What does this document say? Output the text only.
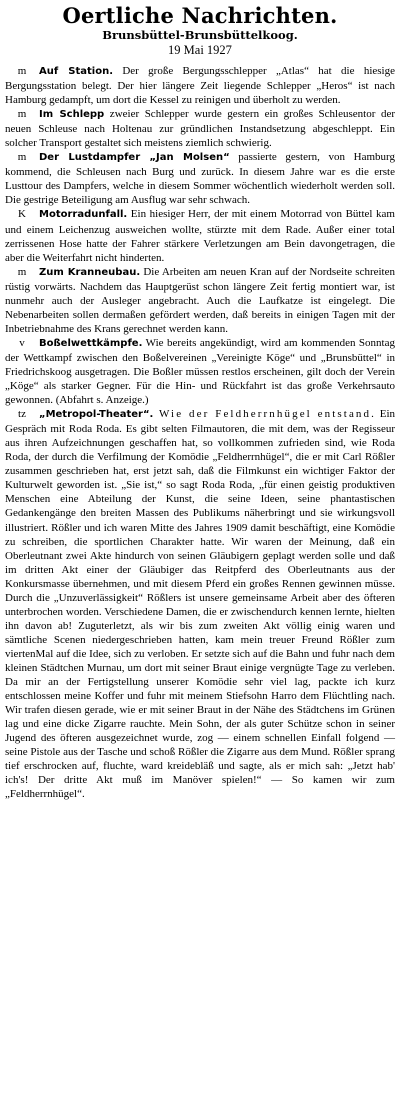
Oertliche Nachrichten.
Brunsbüttel-Brunsbüttelkoog.
19 Mai 1927

m Auf Station. Der große Bergungsschlepper „Atlas“ hat die hiesige Bergungsstation belegt. Der hier längere Zeit liegende Schlepper „Heros“ ist nach Hamburg gedampft, um dort die Kessel zu reinigen und überholt zu werden.

m Im Schlepp zweier Schlepper wurde gestern ein großes Schleusentor der neuen Schleuse nach Holtenau zur gründlichen Instandsetzung abgeschleppt. Ein solcher Transport gestaltet sich meistens ziemlich schwierig.

m Der Lustdampfer „Jan Molsen“ passierte gestern, von Hamburg kommend, die Schleusen nach Burg und zurück. In diesem Jahre war es die erste Lusttour des Dampfers, welche in diesem Sommer wöchentlich wiederholt werden soll. Die gestrige Beteiligung am Ausflug war sehr schwach.

K Motorradunfall. Ein hiesiger Herr, der mit einem Motorrad von Büttel kam und einem Leichenzug ausweichen wollte, stürzte mit dem Rade. Außer einer total zerrissenen Hose hatte der Fahrer stärkere Verletzungen am Bein davongetragen, die aber die Weiterfahrt nicht hinderten.

m Zum Kranneubau. Die Arbeiten am neuen Kran auf der Nordseite schreiten rüstig vorwärts. Nachdem das Hauptgerüst schon längere Zeit fertig montiert war, ist nunmehr auch der Ausleger angebracht. Auch die Laufkatze ist eingelegt. Die Nebenarbeiten sollen dermaßen gefördert werden, daß bereits in einigen Tagen mit der Inbetriebnahme des Krans gerechnet werden kann.

v Boßelwettkämpfe. Wie bereits angekündigt, wird am kommenden Sonntag der Wettkampf zwischen den Boßelvereinen „Vereinigte Köge“ und „Brunsbüttel“ in Friedrichskoog ausgetragen. Die Boßler müssen restlos erscheinen, gilt doch der Verein „Köge“ als starker Gegner. Für die Hin- und Rückfahrt ist das große Verkehrsauto gewonnen. (Abfahrt s. Anzeige.)

tz „Metropol-Theater“. Wie der Feldherrnhügel entstand. Ein Gespräch mit Roda Roda. Es gibt selten Filmautoren, die mit dem, was der Regisseur aus ihren Aufzeichnungen geschaffen hat, so vollkommen zufrieden sind, wie Roda Roda, der durch die Verfilmung der Komödie „Feldherrnhügel“, die er mit Carl Rößler zusammen geschrieben hat, erst jetzt sah, daß die Filmkunst ein wichtiger Faktor der Kulturwelt geworden ist. „Sie ist,“ so sagt Roda Roda, „für einen geistig produktiven Menschen eine Abteilung der Kunst, die seine Ideen, seine phantastischen Gedankengänge den breiten Massen des Publikums näherbringt und sie wirkungsvoll illustriert. Rößler und ich waren Mitte des Jahres 1909 damit beschäftigt, eine Komödie zu schreiben, die sportlichen Charakter hatte. Wir waren der Meinung, daß ein Oberleutnant zwei Akte hindurch von seinen Gläubigern geplagt werden solle und daß im dritten Akt einer der Gläubiger das Reitpferd des Oberleutnants aus der Konkursmasse übernehmen, und mit diesem Pferd ein großes Rennen gewinnen müsse. Durch die „Unzuverlässigkeit“ Rößlers ist unsere gemeinsame Arbeit aber des öfteren unterbrochen worden. Verschiedene Damen, die er zwischendurch kennen lernte, hielten ihn davon ab! Zuguterletzt, als wir bis zum zweiten Akt völlig einig waren und sämtliche Scenen niedergeschrieben hatten, kam mein treuer Freund Rößler zum viertenMal auf die Idee, sich zu verloben. Er setzte sich auf die Bahn und fuhr nach dem kleinen Städtchen Murnau, um dort mit seiner Braut einige vergnügte Tage zu verleben. Da mir an der Fertigstellung unserer Komödie sehr viel lag, packte ich kurz entschlossen meine Koffer und fuhr mit meinem Stiefsohn Harro dem Flüchtling nach. Wir trafen diesen gerade, wie er mit seiner Braut in der Nähe des Städtchens im Grünen lag und eine dicke Zigarre rauchte. Mein Sohn, der als guter Schütze schon in seiner Jugend des öfteren ausgezeichnet wurde, zog — einem schnellen Einfall folgend — seine Pistole aus der Tasche und schoß Rößler die Zigarre aus dem Mund. Rößler sprang tief erschrocken auf, fluchte, ward kreidebläß und sagte, als er mich sah: „Jetzt hab' ich's! Der dritte Akt muß im Manöver spielen!“ — So kamen wir zum „Feldherrnhügel“.
